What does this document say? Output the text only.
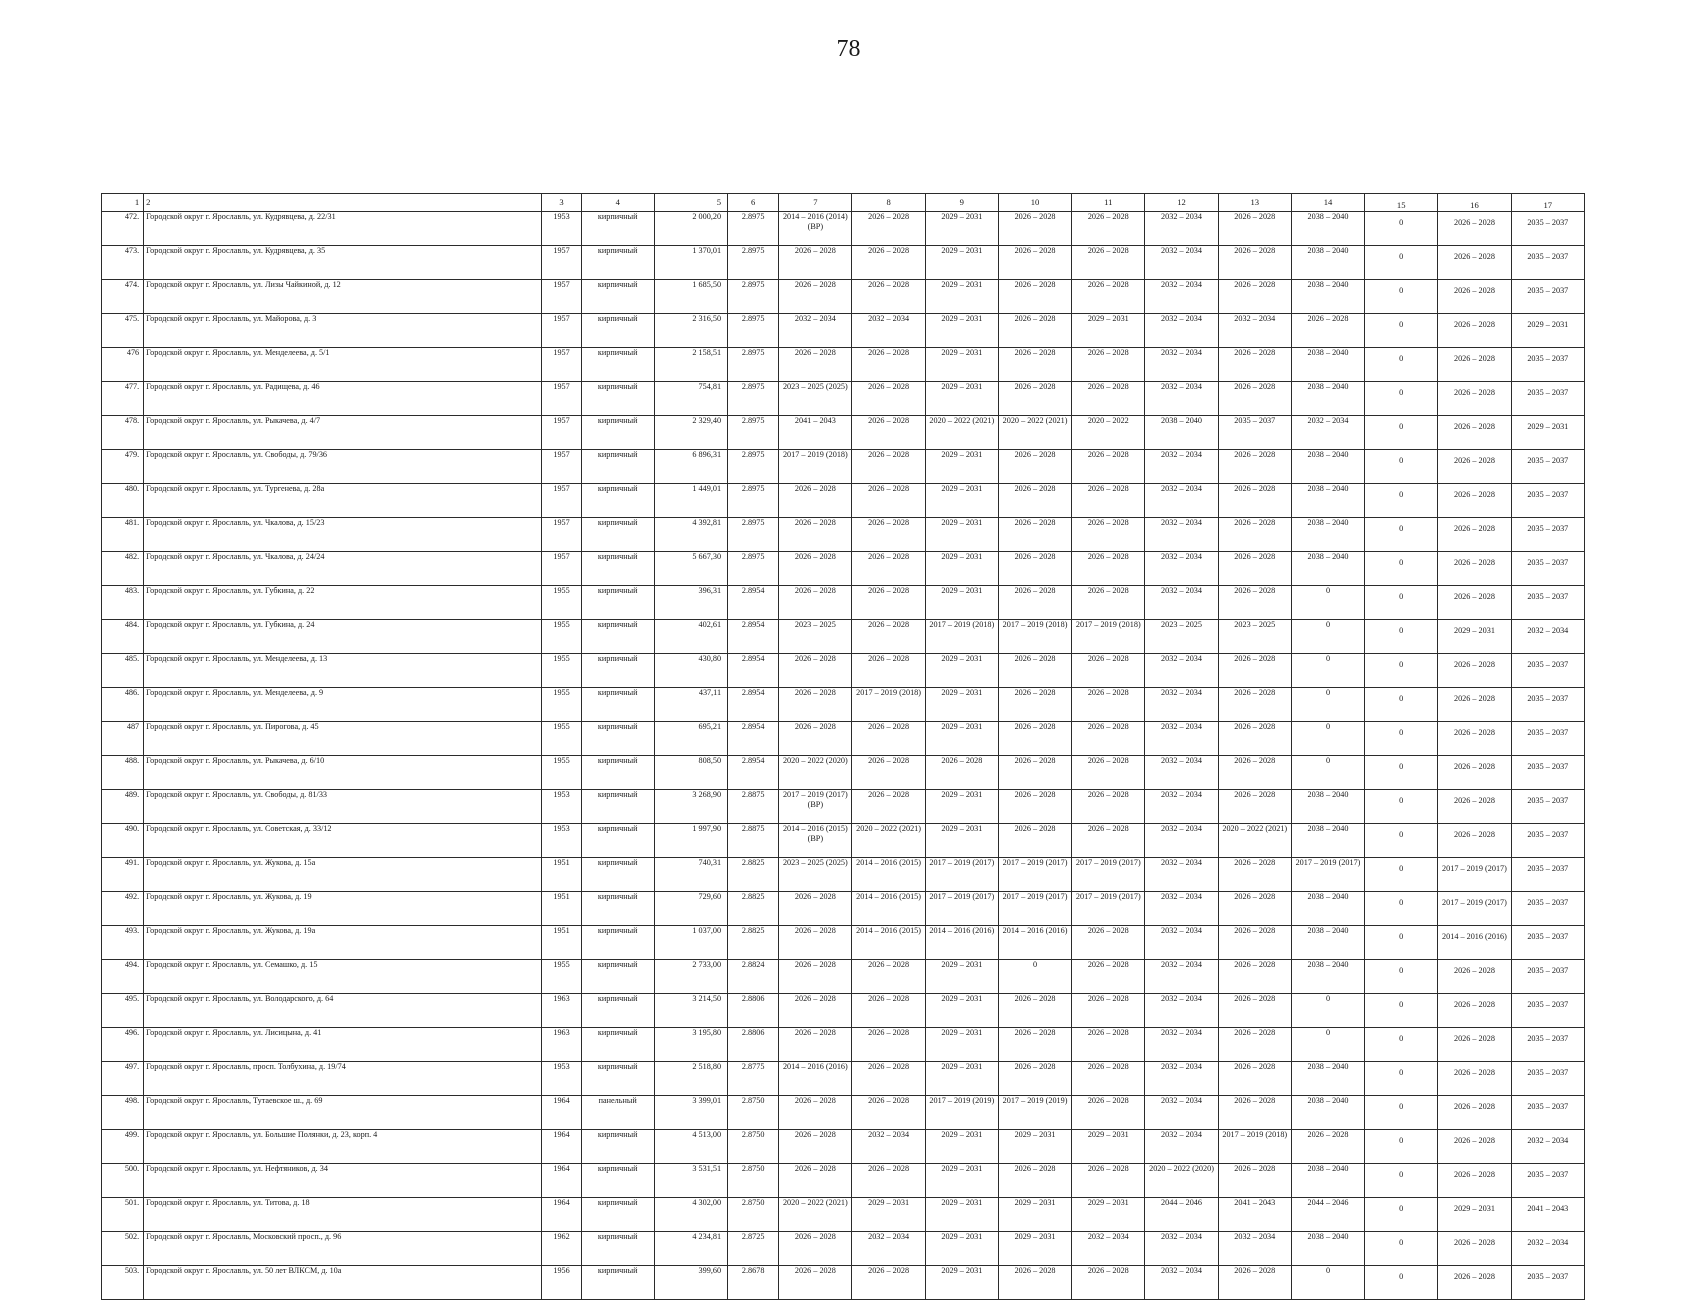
78
1	2	3	4	5	6	7	8	9	10	11	12	13	14	15	16	17
472.	Городской округ г. Ярославль, ул. Кудрявцева, д. 22/31	1953	кирпичный	2 000,20	2.8975	2014 – 2016 (2014) (ВР)	2026 – 2028	2029 – 2031	2026 – 2028	2026 – 2028	2032 – 2034	2026 – 2028	2038 – 2040	0	2026 – 2028	2035 – 2037
473.	Городской округ г. Ярославль, ул. Кудрявцева, д. 35	1957	кирпичный	1 370,01	2.8975	2026 – 2028	2026 – 2028	2029 – 2031	2026 – 2028	2026 – 2028	2032 – 2034	2026 – 2028	2038 – 2040	0	2026 – 2028	2035 – 2037
474.	Городской округ г. Ярославль, ул. Лизы Чайкиной, д. 12	1957	кирпичный	1 685,50	2.8975	2026 – 2028	2026 – 2028	2029 – 2031	2026 – 2028	2026 – 2028	2032 – 2034	2026 – 2028	2038 – 2040	0	2026 – 2028	2035 – 2037
475.	Городской округ г. Ярославль, ул. Майорова, д. 3	1957	кирпичный	2 316,50	2.8975	2032 – 2034	2032 – 2034	2029 – 2031	2026 – 2028	2029 – 2031	2032 – 2034	2032 – 2034	2026 – 2028	0	2026 – 2028	2029 – 2031
476	Городской округ г. Ярославль, ул. Менделеева, д. 5/1	1957	кирпичный	2 158,51	2.8975	2026 – 2028	2026 – 2028	2029 – 2031	2026 – 2028	2026 – 2028	2032 – 2034	2026 – 2028	2038 – 2040	0	2026 – 2028	2035 – 2037
477.	Городской округ г. Ярославль, ул. Радищева, д. 46	1957	кирпичный	754,81	2.8975	2023 – 2025 (2025)	2026 – 2028	2029 – 2031	2026 – 2028	2026 – 2028	2032 – 2034	2026 – 2028	2038 – 2040	0	2026 – 2028	2035 – 2037
478.	Городской округ г. Ярославль, ул. Рыкачева, д. 4/7	1957	кирпичный	2 329,40	2.8975	2041 – 2043	2026 – 2028	2020 – 2022 (2021)	2020 – 2022 (2021)	2020 – 2022	2038 – 2040	2035 – 2037	2032 – 2034	0	2026 – 2028	2029 – 2031
479.	Городской округ г. Ярославль, ул. Свободы, д. 79/36	1957	кирпичный	6 896,31	2.8975	2017 – 2019 (2018)	2026 – 2028	2029 – 2031	2026 – 2028	2026 – 2028	2032 – 2034	2026 – 2028	2038 – 2040	0	2026 – 2028	2035 – 2037
480.	Городской округ г. Ярославль, ул. Тургенева, д. 28а	1957	кирпичный	1 449,01	2.8975	2026 – 2028	2026 – 2028	2029 – 2031	2026 – 2028	2026 – 2028	2032 – 2034	2026 – 2028	2038 – 2040	0	2026 – 2028	2035 – 2037
481.	Городской округ г. Ярославль, ул. Чкалова, д. 15/23	1957	кирпичный	4 392,81	2.8975	2026 – 2028	2026 – 2028	2029 – 2031	2026 – 2028	2026 – 2028	2032 – 2034	2026 – 2028	2038 – 2040	0	2026 – 2028	2035 – 2037
482.	Городской округ г. Ярославль, ул. Чкалова, д. 24/24	1957	кирпичный	5 667,30	2.8975	2026 – 2028	2026 – 2028	2029 – 2031	2026 – 2028	2026 – 2028	2032 – 2034	2026 – 2028	2038 – 2040	0	2026 – 2028	2035 – 2037
483.	Городской округ г. Ярославль, ул. Губкина, д. 22	1955	кирпичный	396,31	2.8954	2026 – 2028	2026 – 2028	2029 – 2031	2026 – 2028	2026 – 2028	2032 – 2034	2026 – 2028	0	0	2026 – 2028	2035 – 2037
484.	Городской округ г. Ярославль, ул. Губкина, д. 24	1955	кирпичный	402,61	2.8954	2023 – 2025	2026 – 2028	2017 – 2019 (2018)	2017 – 2019 (2018)	2017 – 2019 (2018)	2023 – 2025	2023 – 2025	0	0	2029 – 2031	2032 – 2034
485.	Городской округ г. Ярославль, ул. Менделеева, д. 13	1955	кирпичный	430,80	2.8954	2026 – 2028	2026 – 2028	2029 – 2031	2026 – 2028	2026 – 2028	2032 – 2034	2026 – 2028	0	0	2026 – 2028	2035 – 2037
486.	Городской округ г. Ярославль, ул. Менделеева, д. 9	1955	кирпичный	437,11	2.8954	2026 – 2028	2017 – 2019 (2018)	2029 – 2031	2026 – 2028	2026 – 2028	2032 – 2034	2026 – 2028	0	0	2026 – 2028	2035 – 2037
487	Городской округ г. Ярославль, ул. Пирогова, д. 45	1955	кирпичный	695,21	2.8954	2026 – 2028	2026 – 2028	2029 – 2031	2026 – 2028	2026 – 2028	2032 – 2034	2026 – 2028	0	0	2026 – 2028	2035 – 2037
488.	Городской округ г. Ярославль, ул. Рыкачева, д. 6/10	1955	кирпичный	808,50	2.8954	2020 – 2022 (2020)	2026 – 2028	2026 – 2028	2026 – 2028	2026 – 2028	2032 – 2034	2026 – 2028	0	0	2026 – 2028	2035 – 2037
489.	Городской округ г. Ярославль, ул. Свободы, д. 81/33	1953	кирпичный	3 268,90	2.8875	2017 – 2019 (2017) (ВР)	2026 – 2028	2029 – 2031	2026 – 2028	2026 – 2028	2032 – 2034	2026 – 2028	2038 – 2040	0	2026 – 2028	2035 – 2037
490.	Городской округ г. Ярославль, ул. Советская, д. 33/12	1953	кирпичный	1 997,90	2.8875	2014 – 2016 (2015) (ВР)	2020 – 2022 (2021)	2029 – 2031	2026 – 2028	2026 – 2028	2032 – 2034	2020 – 2022 (2021)	2038 – 2040	0	2026 – 2028	2035 – 2037
491.	Городской округ г. Ярославль, ул. Жукова, д. 15а	1951	кирпичный	740,31	2.8825	2023 – 2025 (2025)	2014 – 2016 (2015)	2017 – 2019 (2017)	2017 – 2019 (2017)	2017 – 2019 (2017)	2032 – 2034	2026 – 2028	2017 – 2019 (2017)	0	2017 – 2019 (2017)	2035 – 2037
492.	Городской округ г. Ярославль, ул. Жукова, д. 19	1951	кирпичный	729,60	2.8825	2026 – 2028	2014 – 2016 (2015)	2017 – 2019 (2017)	2017 – 2019 (2017)	2017 – 2019 (2017)	2032 – 2034	2026 – 2028	2038 – 2040	0	2017 – 2019 (2017)	2035 – 2037
493.	Городской округ г. Ярославль, ул. Жукова, д. 19а	1951	кирпичный	1 037,00	2.8825	2026 – 2028	2014 – 2016 (2015)	2014 – 2016 (2016)	2014 – 2016 (2016)	2026 – 2028	2032 – 2034	2026 – 2028	2038 – 2040	0	2014 – 2016 (2016)	2035 – 2037
494.	Городской округ г. Ярославль, ул. Семашко, д. 15	1955	кирпичный	2 733,00	2.8824	2026 – 2028	2026 – 2028	2029 – 2031	0	2026 – 2028	2032 – 2034	2026 – 2028	2038 – 2040	0	2026 – 2028	2035 – 2037
495.	Городской округ г. Ярославль, ул. Володарского, д. 64	1963	кирпичный	3 214,50	2.8806	2026 – 2028	2026 – 2028	2029 – 2031	2026 – 2028	2026 – 2028	2032 – 2034	2026 – 2028	0	0	2026 – 2028	2035 – 2037
496.	Городской округ г. Ярославль, ул. Лисицына, д. 41	1963	кирпичный	3 195,80	2.8806	2026 – 2028	2026 – 2028	2029 – 2031	2026 – 2028	2026 – 2028	2032 – 2034	2026 – 2028	0	0	2026 – 2028	2035 – 2037
497.	Городской округ г. Ярославль, просп. Толбухина, д. 19/74	1953	кирпичный	2 518,80	2.8775	2014 – 2016 (2016)	2026 – 2028	2029 – 2031	2026 – 2028	2026 – 2028	2032 – 2034	2026 – 2028	2038 – 2040	0	2026 – 2028	2035 – 2037
498.	Городской округ г. Ярославль, Тутаевское ш., д. 69	1964	панельный	3 399,01	2.8750	2026 – 2028	2026 – 2028	2017 – 2019 (2019)	2017 – 2019 (2019)	2026 – 2028	2032 – 2034	2026 – 2028	2038 – 2040	0	2026 – 2028	2035 – 2037
499.	Городской округ г. Ярославль, ул. Большие Полянки, д. 23, корп. 4	1964	кирпичный	4 513,00	2.8750	2026 – 2028	2032 – 2034	2029 – 2031	2029 – 2031	2029 – 2031	2032 – 2034	2017 – 2019 (2018)	2026 – 2028	0	2026 – 2028	2032 – 2034
500.	Городской округ г. Ярославль, ул. Нефтяников, д. 34	1964	кирпичный	3 531,51	2.8750	2026 – 2028	2026 – 2028	2029 – 2031	2026 – 2028	2026 – 2028	2020 – 2022 (2020)	2026 – 2028	2038 – 2040	0	2026 – 2028	2035 – 2037
501.	Городской округ г. Ярославль, ул. Титова, д. 18	1964	кирпичный	4 302,00	2.8750	2020 – 2022 (2021)	2029 – 2031	2029 – 2031	2029 – 2031	2029 – 2031	2044 – 2046	2041 – 2043	2044 – 2046	0	2029 – 2031	2041 – 2043
502.	Городской округ г. Ярославль, Московский просп., д. 96	1962	кирпичный	4 234,81	2.8725	2026 – 2028	2032 – 2034	2029 – 2031	2029 – 2031	2032 – 2034	2032 – 2034	2032 – 2034	2038 – 2040	0	2026 – 2028	2032 – 2034
503.	Городской округ г. Ярославль, ул. 50 лет ВЛКСМ, д. 10а	1956	кирпичный	399,60	2.8678	2026 – 2028	2026 – 2028	2029 – 2031	2026 – 2028	2026 – 2028	2032 – 2034	2026 – 2028	0	0	2026 – 2028	2035 – 2037
